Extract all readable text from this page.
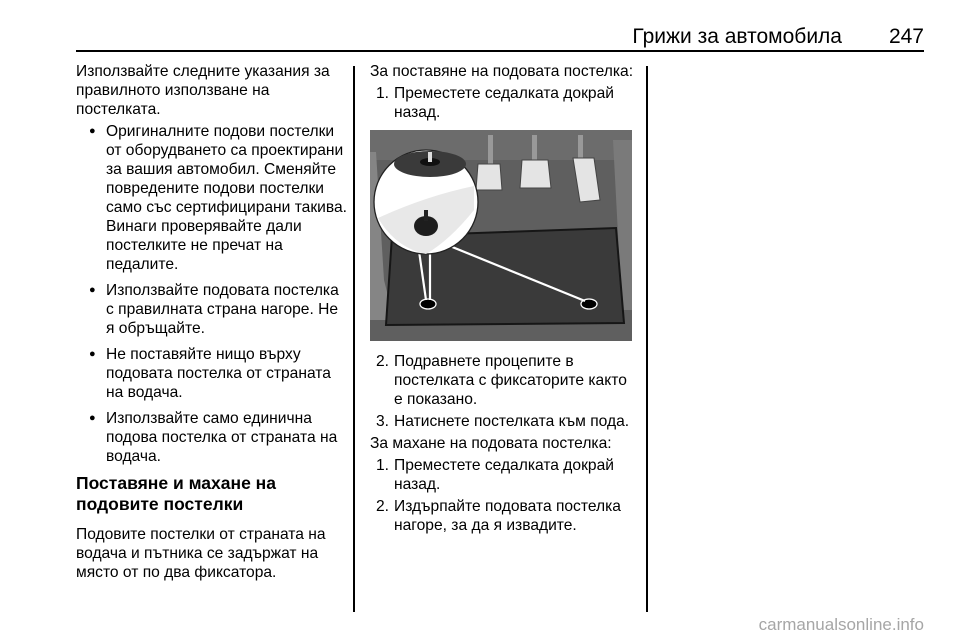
Грижи за автомобила 247

Използвайте следните указания за правилното използване на постелката.

● Оригиналните подови постелки от оборудването са проектирани за вашия автомобил. Сменяйте повредените подови постелки само със сертифицирани такива. Винаги проверявайте дали постелките не пречат на педалите.
● Използвайте подовата постелка с правилната страна нагоре. Не я обръщайте.
● Не поставяйте нищо върху подовата постелка от страната на водача.
● Използвайте само единична подова постелка от страната на водача.
Поставяне и махане на подовите постелки

Подовите постелки от страната на водача и пътника се задържат на място от по два фиксатора.

За поставяне на подовата постелка:

1. Преместете седалката докрай назад.
2. Подравнете процепите в постелката с фиксаторите както е показано.
3. Натиснете постелката към пода.

За махане на подовата постелка:

1. Преместете седалката докрай назад.
2. Издърпайте подовата постелка нагоре, за да я извадите.
carmanualsonline.info
